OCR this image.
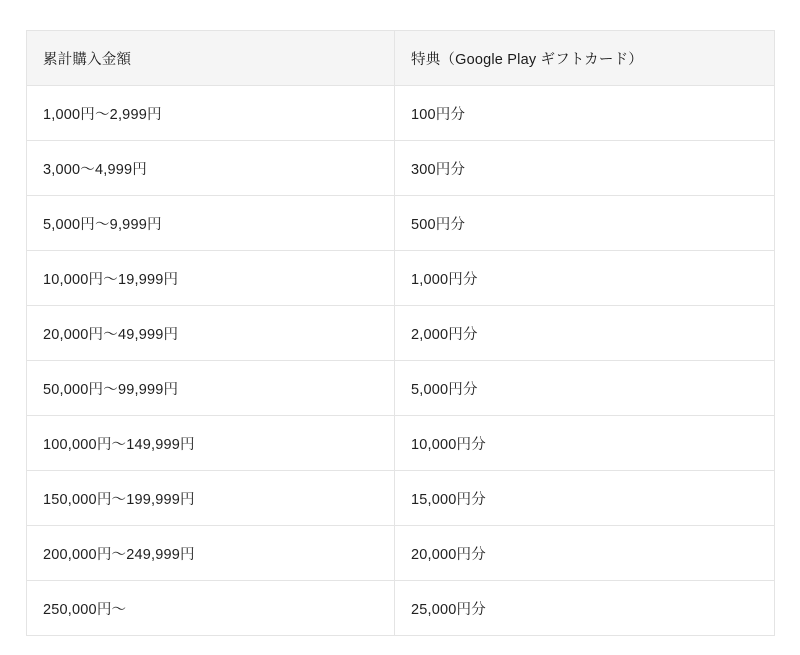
累計購入金額	特典（Google Play ギフトカード）
1,000円〜2,999円	100円分
3,000〜4,999円	300円分
5,000円〜9,999円	500円分
10,000円〜19,999円	1,000円分
20,000円〜49,999円	2,000円分
50,000円〜99,999円	5,000円分
100,000円〜149,999円	10,000円分
150,000円〜199,999円	15,000円分
200,000円〜249,999円	20,000円分
250,000円〜	25,000円分
